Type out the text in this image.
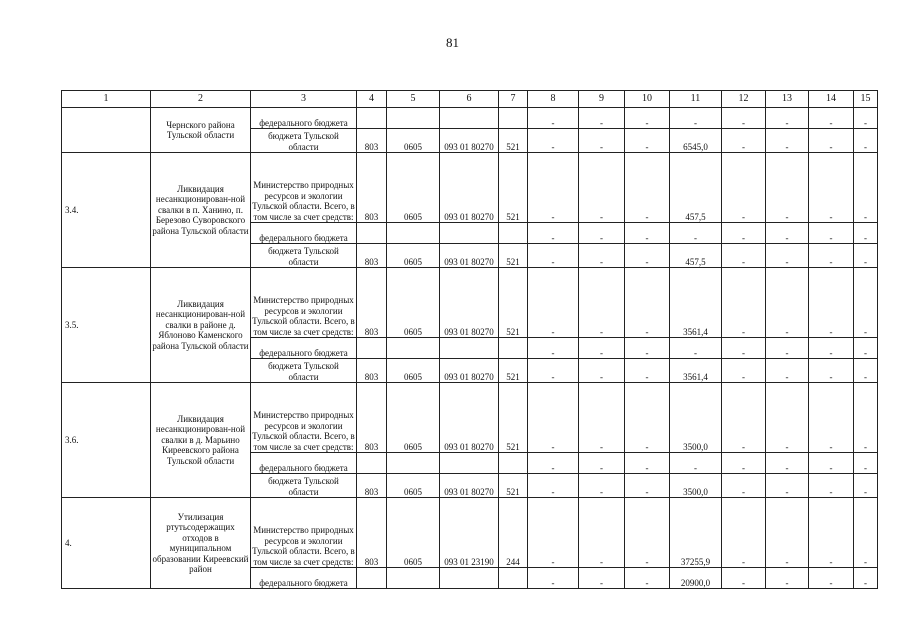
81
1	2	3	4	5	6	7	8	9	10	11	12	13	14	15
	Чернского района Тульской области	федерального бюджета					-	-	-	-	-	-	-	-
		бюджета Тульской области	803	0605	093 01 80270	521	-	-	-	6545,0	-	-	-	-
3.4.	Ликвидация несанкционирован-ной свалки в п. Ханино, п. Березово Суворовского района Тульской области	Министерство природных ресурсов и экологии Тульской области. Всего, в том числе за счет средств:	803	0605	093 01 80270	521	-	-	-	457,5	-	-	-	-
		федерального бюджета					-	-	-	-	-	-	-	-
		бюджета Тульской области	803	0605	093 01 80270	521	-	-	-	457,5	-	-	-	-
3.5.	Ликвидация несанкционирован-ной свалки в районе д. Яблоново Каменского района Тульской области	Министерство природных ресурсов и экологии Тульской области. Всего, в том числе за счет средств:	803	0605	093 01 80270	521	-	-	-	3561,4	-	-	-	-
		федерального бюджета					-	-	-	-	-	-	-	-
		бюджета Тульской области	803	0605	093 01 80270	521	-	-	-	3561,4	-	-	-	-
3.6.	Ликвидация несанкционирован-ной свалки в д. Марьино Киреевского района Тульской области	Министерство природных ресурсов и экологии Тульской области. Всего, в том числе за счет средств:	803	0605	093 01 80270	521	-	-	-	3500,0	-	-	-	-
		федерального бюджета					-	-	-	-	-	-	-	-
		бюджета Тульской области	803	0605	093 01 80270	521	-	-	-	3500,0	-	-	-	-
4.	Утилизация ртутьсодержащих отходов в муниципальном образовании Киреевский район	Министерство природных ресурсов и экологии Тульской области. Всего, в том числе за счет средств:	803	0605	093 01 23190	244	-	-	-	37255,9	-	-	-	-
		федерального бюджета					-	-	-	20900,0	-	-	-	-
